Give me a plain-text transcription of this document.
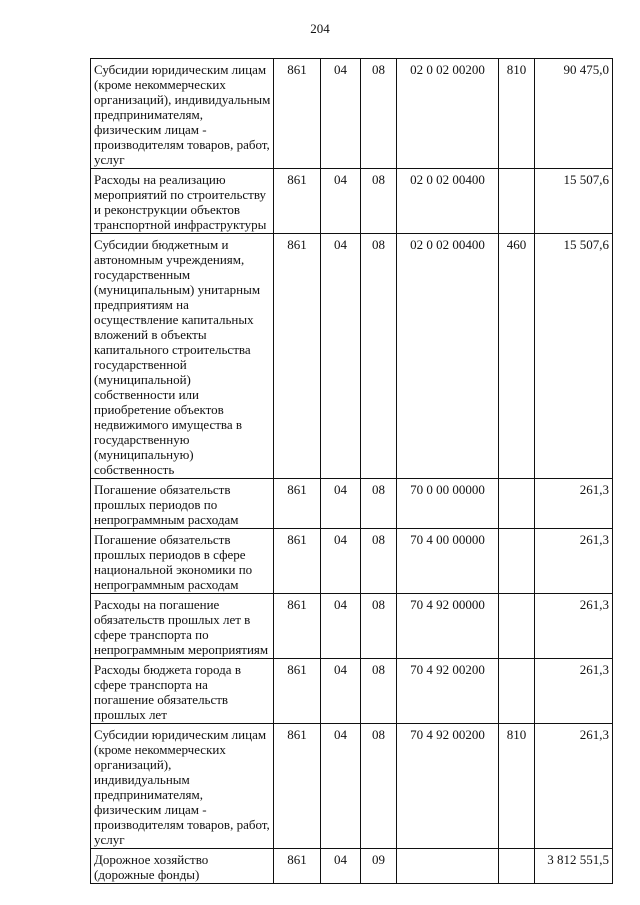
204
Субсидии юридическим лицам (кроме некоммерческих организаций), индивидуальным предпринимателям, физическим лицам - производителям товаров, работ, услуг	861	04	08	02 0 02 00200	810	90 475,0
Расходы на реализацию мероприятий по строительству и реконструкции объектов транспортной инфраструктуры	861	04	08	02 0 02 00400		15 507,6
Субсидии бюджетным и автономным учреждениям, государственным (муниципальным) унитарным предприятиям на осуществление капитальных вложений в объекты капитального строительства государственной (муниципальной) собственности или приобретение объектов недвижимого имущества в государственную (муниципальную) собственность	861	04	08	02 0 02 00400	460	15 507,6
Погашение обязательств прошлых периодов по непрограммным расходам	861	04	08	70 0 00 00000		261,3
Погашение обязательств прошлых периодов в сфере национальной экономики по непрограммным расходам	861	04	08	70 4 00 00000		261,3
Расходы на погашение обязательств прошлых лет в сфере транспорта по непрограммным мероприятиям	861	04	08	70 4 92 00000		261,3
Расходы бюджета города в сфере транспорта на погашение обязательств прошлых лет	861	04	08	70 4 92 00200		261,3
Субсидии юридическим лицам (кроме некоммерческих организаций), индивидуальным предпринимателям, физическим лицам - производителям товаров, работ, услуг	861	04	08	70 4 92 00200	810	261,3
Дорожное хозяйство (дорожные фонды)	861	04	09			3 812 551,5
